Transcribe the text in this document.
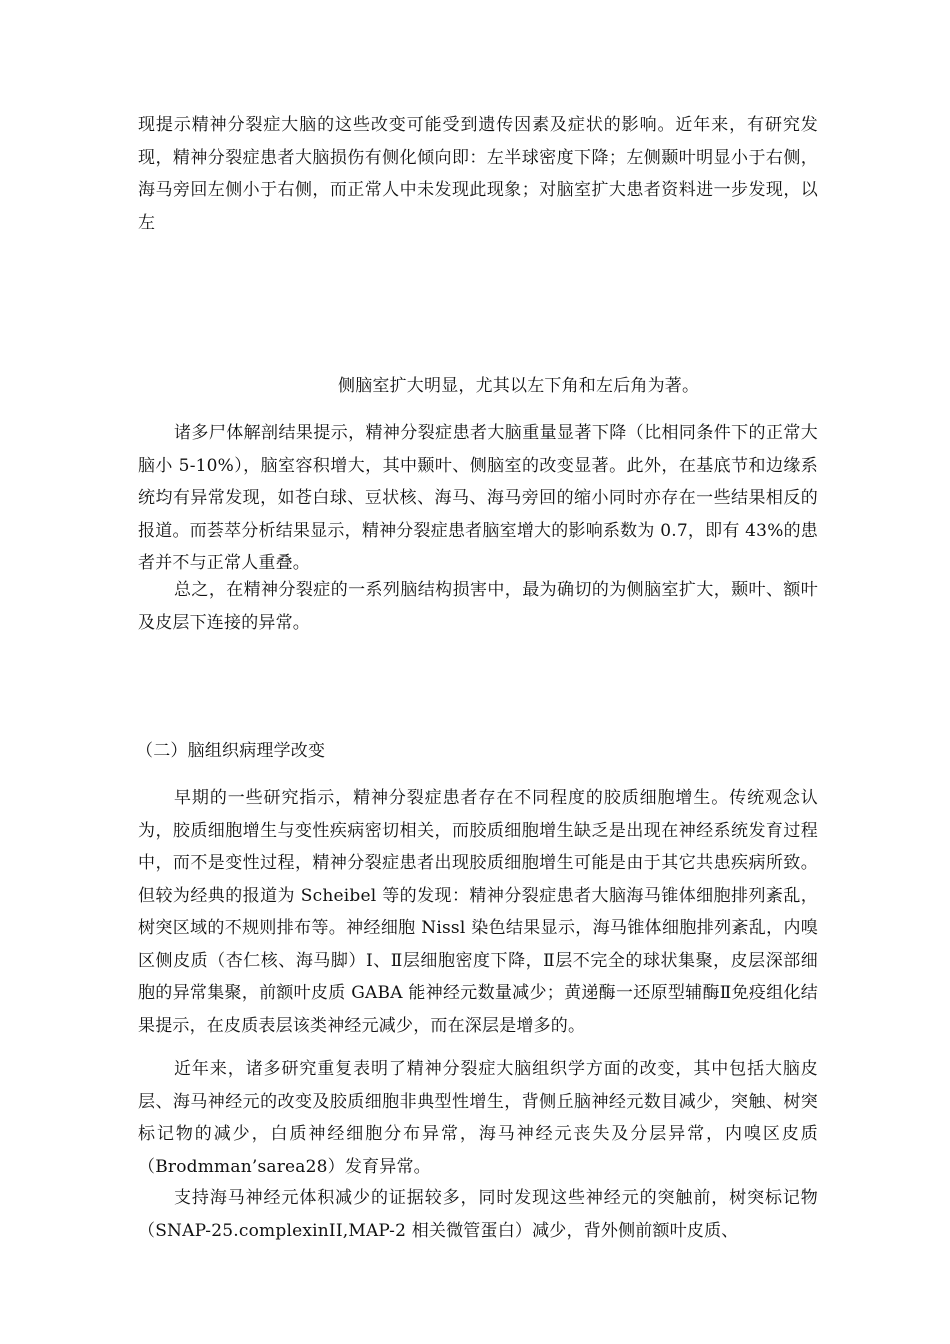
现提示精神分裂症大脑的这些改变可能受到遗传因素及症状的影响。近年来，有研究发现，精神分裂症患者大脑损伤有侧化倾向即：左半球密度下降；左侧颞叶明显小于右侧，海马旁回左侧小于右侧，而正常人中未发现此现象；对脑室扩大患者资料进一步发现，以左

侧脑室扩大明显，尤其以左下角和左后角为著。

诸多尸体解剖结果提示，精神分裂症患者大脑重量显著下降（比相同条件下的正常大脑小 5-10%），脑室容积增大，其中颞叶、侧脑室的改变显著。此外，在基底节和边缘系统均有异常发现，如苍白球、豆状核、海马、海马旁回的缩小同时亦存在一些结果相反的报道。而荟萃分析结果显示，精神分裂症患者脑室增大的影响系数为 0.7，即有 43%的患者并不与正常人重叠。

总之，在精神分裂症的一系列脑结构损害中，最为确切的为侧脑室扩大，颞叶、额叶及皮层下连接的异常。

（二）脑组织病理学改变

早期的一些研究指示，精神分裂症患者存在不同程度的胶质细胞增生。传统观念认为，胶质细胞增生与变性疾病密切相关，而胶质细胞增生缺乏是出现在神经系统发育过程中，而不是变性过程，精神分裂症患者出现胶质细胞增生可能是由于其它共患疾病所致。但较为经典的报道为 Scheibel 等的发现：精神分裂症患者大脑海马锥体细胞排列紊乱，树突区域的不规则排布等。神经细胞 Nissl 染色结果显示，海马锥体细胞排列紊乱，内嗅区侧皮质（杏仁核、海马脚）Ⅰ、Ⅱ层细胞密度下降，Ⅱ层不完全的球状集聚，皮层深部细胞的异常集聚，前额叶皮质 GABA 能神经元数量减少；黄递酶一还原型辅酶Ⅱ免疫组化结果提示，在皮质表层该类神经元减少，而在深层是增多的。

近年来，诸多研究重复表明了精神分裂症大脑组织学方面的改变，其中包括大脑皮层、海马神经元的改变及胶质细胞非典型性增生，背侧丘脑神经元数目减少，突触、树突标记物的减少，白质神经细胞分布异常，海马神经元丧失及分层异常，内嗅区皮质（Brodmman’sarea28）发育异常。

支持海马神经元体积减少的证据较多，同时发现这些神经元的突触前，树突标记物（SNAP-25.complexinII,MAP-2 相关微管蛋白）减少，背外侧前额叶皮质、
